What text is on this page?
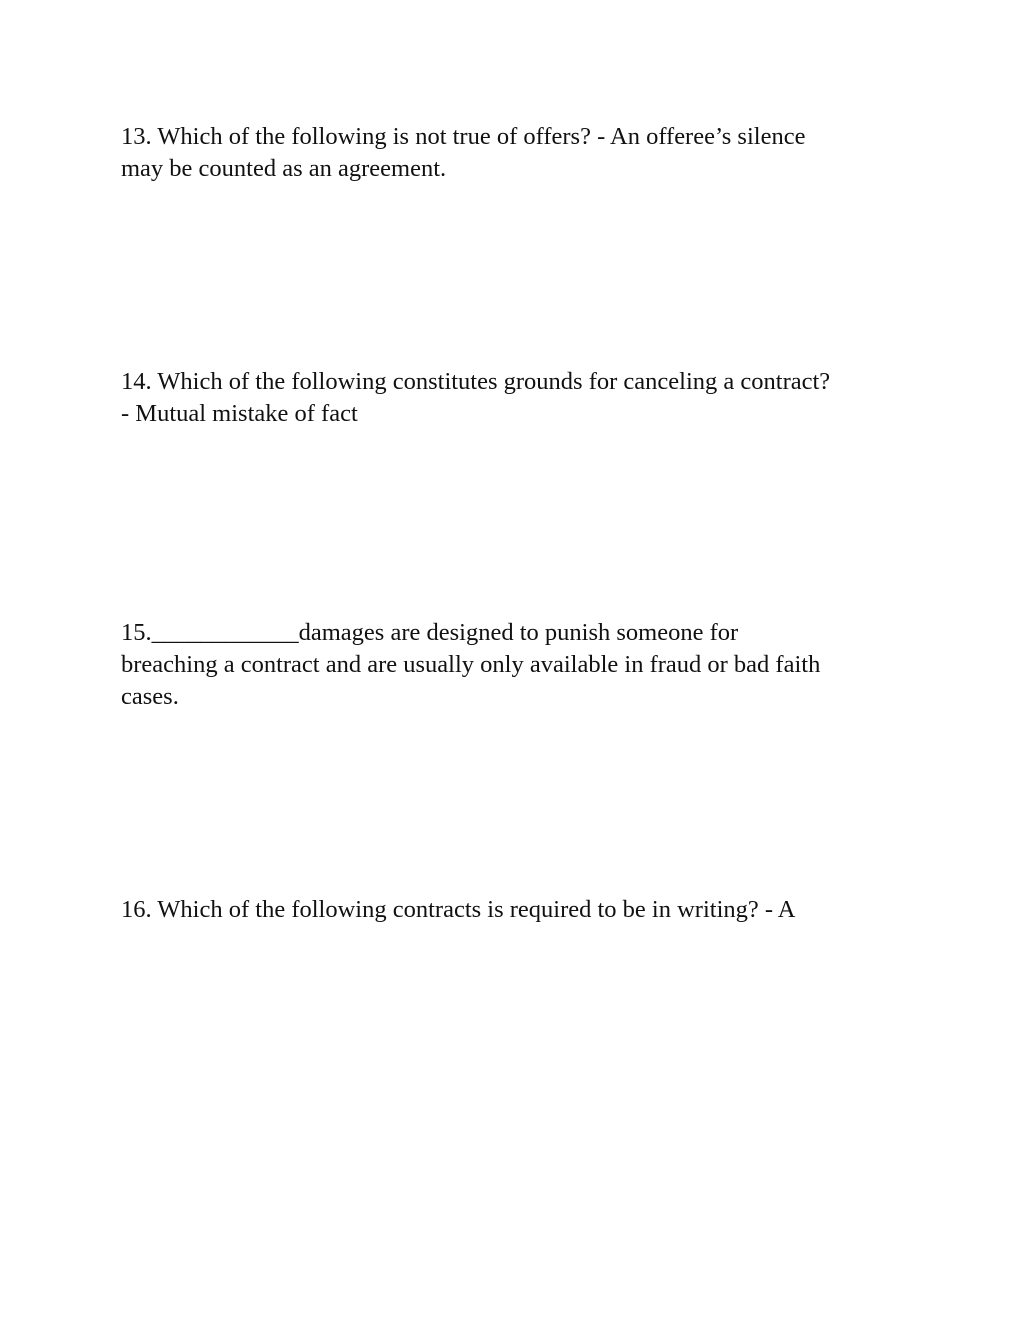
13. Which of the following is not true of offers? - An offeree’s silence
may be counted as an agreement.

14. Which of the following constitutes grounds for canceling a contract?
- Mutual mistake of fact

15.____________damages are designed to punish someone for
breaching a contract and are usually only available in fraud or bad faith
cases.

16. Which of the following contracts is required to be in writing? - A
